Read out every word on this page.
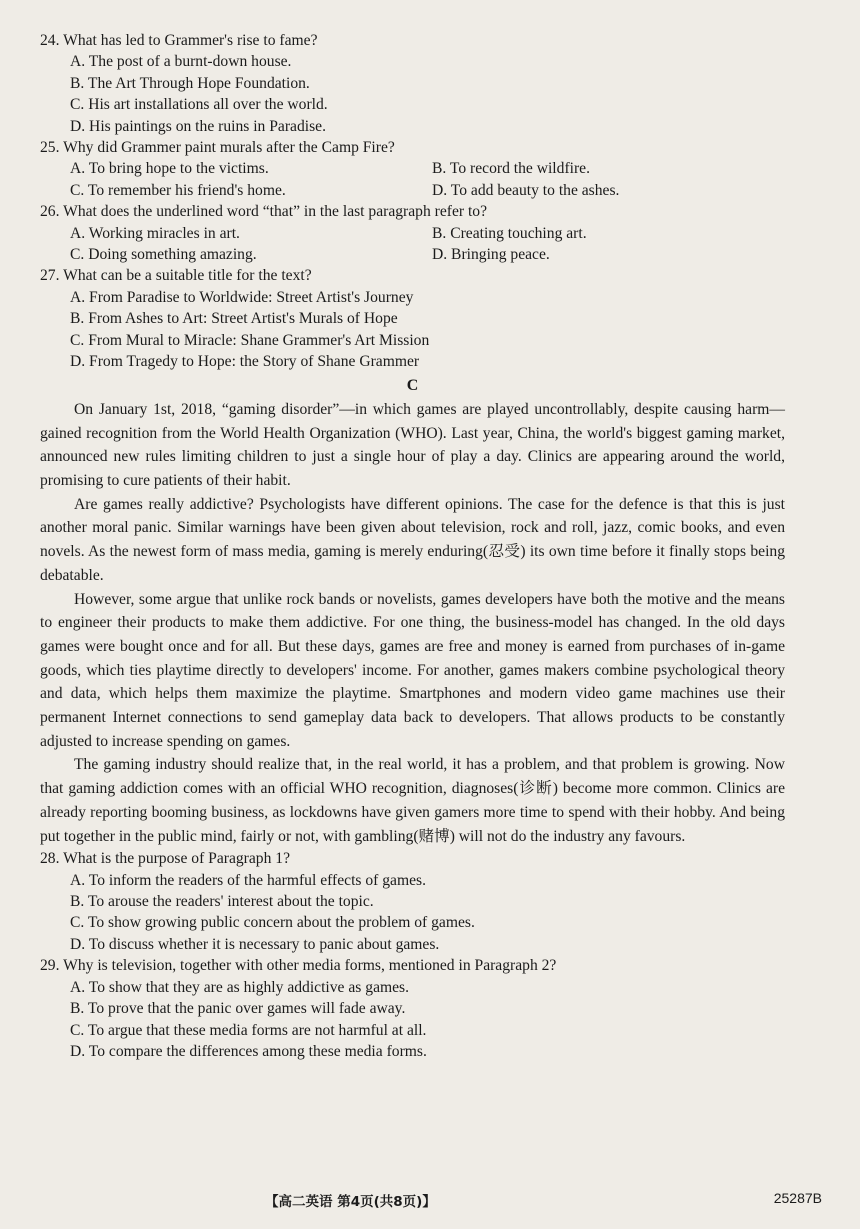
24. What has led to Grammer's rise to fame?

A. The post of a burnt-down house.

B. The Art Through Hope Foundation.

C. His art installations all over the world.

D. His paintings on the ruins in Paradise.

25. Why did Grammer paint murals after the Camp Fire?

A. To bring hope to the victims.	B. To record the wildfire.
C. To remember his friend's home.	D. To add beauty to the ashes.

26. What does the underlined word “that” in the last paragraph refer to?

A. Working miracles in art.	B. Creating touching art.
C. Doing something amazing.	D. Bringing peace.

27. What can be a suitable title for the text?

A. From Paradise to Worldwide: Street Artist's Journey

B. From Ashes to Art: Street Artist's Murals of Hope

C. From Mural to Miracle: Shane Grammer's Art Mission

D. From Tragedy to Hope: the Story of Shane Grammer

C

On January 1st, 2018, “gaming disorder”—in which games are played uncontrollably, despite causing harm—gained recognition from the World Health Organization (WHO). Last year, China, the world's biggest gaming market, announced new rules limiting children to just a single hour of play a day. Clinics are appearing around the world, promising to cure patients of their habit.

Are games really addictive? Psychologists have different opinions. The case for the defence is that this is just another moral panic. Similar warnings have been given about television, rock and roll, jazz, comic books, and even novels. As the newest form of mass media, gaming is merely enduring(忍受) its own time before it finally stops being debatable.

However, some argue that unlike rock bands or novelists, games developers have both the motive and the means to engineer their products to make them addictive. For one thing, the business-model has changed. In the old days games were bought once and for all. But these days, games are free and money is earned from purchases of in-game goods, which ties playtime directly to developers' income. For another, games makers combine psychological theory and data, which helps them maximize the playtime. Smartphones and modern video game machines use their permanent Internet connections to send gameplay data back to developers. That allows products to be constantly adjusted to increase spending on games.

The gaming industry should realize that, in the real world, it has a problem, and that problem is growing. Now that gaming addiction comes with an official WHO recognition, diagnoses(诊断) become more common. Clinics are already reporting booming business, as lockdowns have given gamers more time to spend with their hobby. And being put together in the public mind, fairly or not, with gambling(赌博) will not do the industry any favours.

28. What is the purpose of Paragraph 1?

A. To inform the readers of the harmful effects of games.

B. To arouse the readers' interest about the topic.

C. To show growing public concern about the problem of games.

D. To discuss whether it is necessary to panic about games.

29. Why is television, together with other media forms, mentioned in Paragraph 2?

A. To show that they are as highly addictive as games.

B. To prove that the panic over games will fade away.

C. To argue that these media forms are not harmful at all.

D. To compare the differences among these media forms.

【高二英语 第4页(共8页)】	25287B
